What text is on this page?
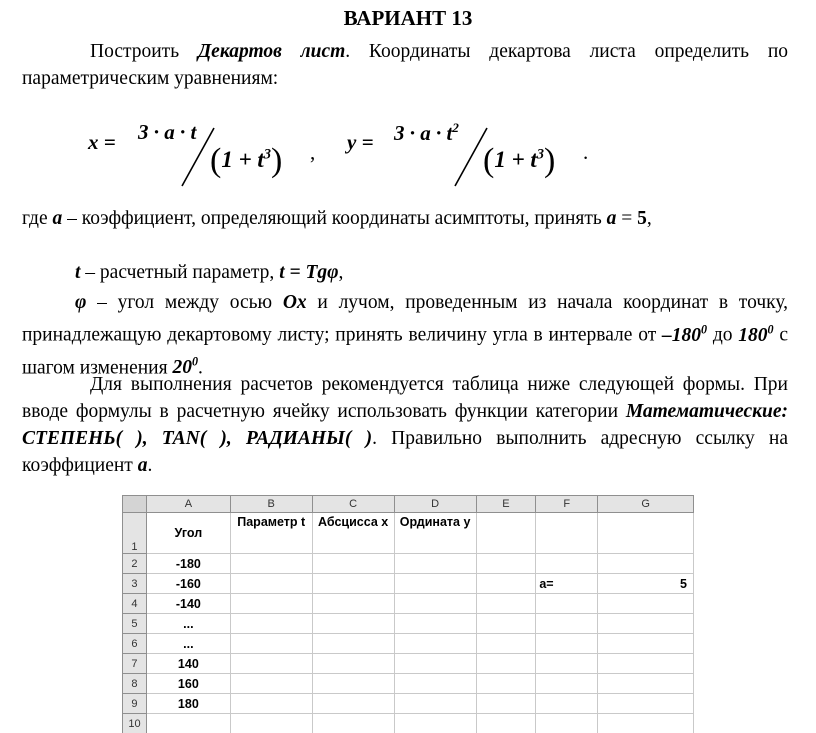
ВАРИАНТ 13
Построить Декартов лист. Координаты декартова листа определить по параметрическим уравнениям:
x = 3 · a · t
$(1 + t^3)$ , $y = 3 \cdot a \cdot t^2$
$(1 + t^3)$ .
где a – коэффициент, определяющий координаты асимптоты, принять a = 5,
t – расчетный параметр, t = Tgφ,
φ – угол между осью Ox и лучом, проведенным из начала координат в точку, принадлежащую декартовому листу; принять величину угла в интервале от $-180^0$ до $180^0$ с шагом изменения $20^0$.
Для выполнения расчетов рекомендуется таблица ниже следующей формы. При вводе формулы в расчетную ячейку использовать функции категории Математические: СТЕПЕНЬ( ), TAN( ), РАДИАНЫ( ). Правильно выполнить адресную ссылку на коэффициент a.
	A	B	C	D	E	F	G
1	Угол	Параметр t	Абсцисса x	Ордината y			
2	-180						
3	-160					a=	5
4	-140						
5	...						
6	...						
7	140						
8	160						
9	180						
10							
